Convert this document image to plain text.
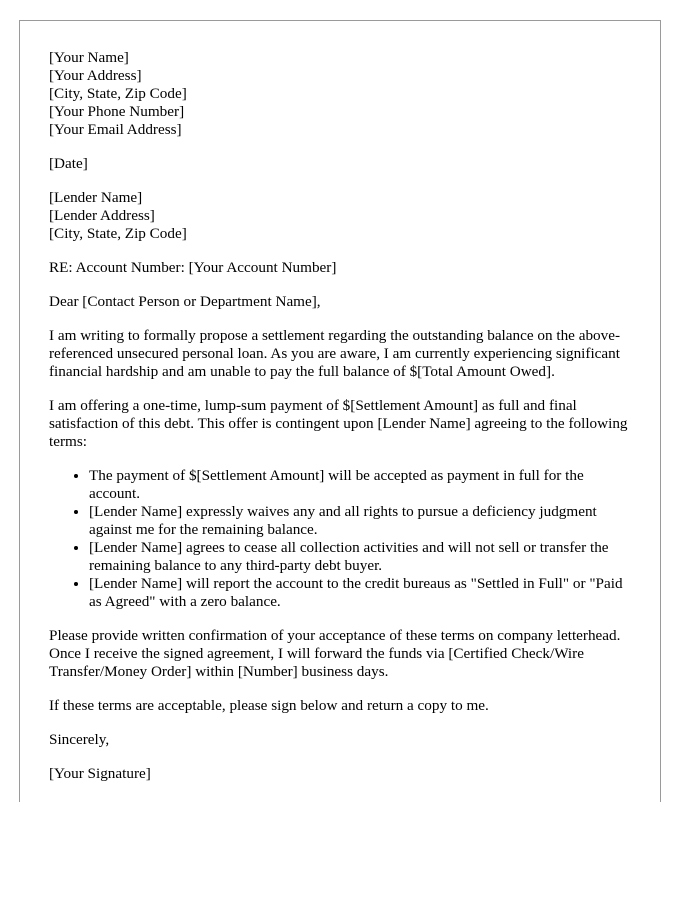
[Your Name]
[Your Address]
[City, State, Zip Code]
[Your Phone Number]
[Your Email Address]

[Date]

[Lender Name]
[Lender Address]
[City, State, Zip Code]

RE: Account Number: [Your Account Number]

Dear [Contact Person or Department Name],

I am writing to formally propose a settlement regarding the outstanding balance on the above-referenced unsecured personal loan. As you are aware, I am currently experiencing significant financial hardship and am unable to pay the full balance of $[Total Amount Owed].

I am offering a one-time, lump-sum payment of $[Settlement Amount] as full and final satisfaction of this debt. This offer is contingent upon [Lender Name] agreeing to the following terms:

• The payment of $[Settlement Amount] will be accepted as payment in full for the account.
• [Lender Name] expressly waives any and all rights to pursue a deficiency judgment against me for the remaining balance.
• [Lender Name] agrees to cease all collection activities and will not sell or transfer the remaining balance to any third-party debt buyer.
• [Lender Name] will report the account to the credit bureaus as "Settled in Full" or "Paid as Agreed" with a zero balance.

Please provide written confirmation of your acceptance of these terms on company letterhead. Once I receive the signed agreement, I will forward the funds via [Certified Check/Wire Transfer/Money Order] within [Number] business days.

If these terms are acceptable, please sign below and return a copy to me.

Sincerely,

[Your Signature]
